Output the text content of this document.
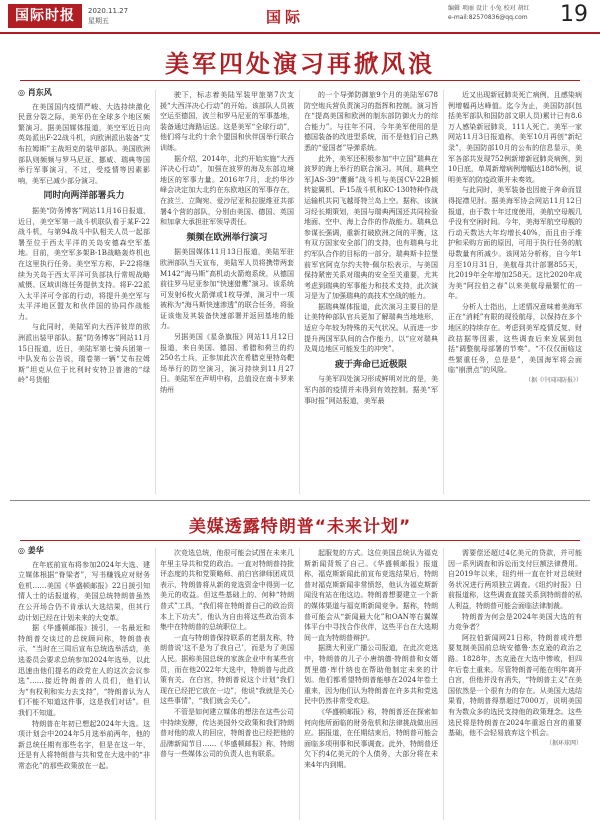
国际时报	2020.11.27
星期五	国际	编辑 项丽 设计 小兔 校对 胡红
e-mail:82570836@qq.com 19
美军四处演习再掀风浪
◎ 肖东风

在美国国内疫情严峻、大选持续激化民意分裂之际，美军仍在全球多个地区频繁演习。据美国媒体报道，美空军近日向英岛派出F-22战斗机，向欧洲派出装备“艾布拉姆斯”主战坦克的装甲部队。美国欧洲部队则频频与罗马尼亚、挪威、瑞典等国举行军事演习，不过，受疫情等因素影响，美军已减少部分演习。

同时向两洋部署兵力

据美“防务博客”网站11月16日报道，近日，美空军第一战斗机联队看于某F-22战斗机，与第94战斗中队相关人员一起部署至位于西太平洋的关岛安德森空军基地。目前，美空军多架B-1B战略轰炸机也在这里执行任务。美空军方称，F-22将继续为关岛于西太平洋可负部执行常规战略威慑、区域训练任务提供支持。将F-22派入太平洋可令部的行动，将提升美空军与太平洋地区盟友和伙伴国的协同作战能力。

与此同时，美陆军向大西洋彼岸的欧洲派出装甲部队。据“防务博客”网站11月15日报道，近日，美陆军第七骑兵团第一中队发布公告说，瑞卷第一辆“艾布拉姆斯”坦克从位于比利时安特卫普港的“绿岭”号货船

驶下，标志着美陆军装甲旅第7次支援“大西洋决心行动”的开始。该部队人员被空运至德国，波兰和罗马尼亚的军事基地，装备通过海路运送。这是美军“全球行动”，他们将与北约十余个盟国和伙伴国举行联合训练。

据介绍，2014年，北约开始实施“大西洋决心行动”，加强在波罗的海及东部边境地区的军事力量。2016年7月，北约华沙峰会决定加大北约在东欧地区的军事存在，在波兰、立陶宛、爱沙尼亚和拉脱维亚共部署4个营的部队，分别由美国、德国、英国和加拿大承担驻军领导责任。

频频在欧洲举行演习

据美国媒体11月13日报道，美陆军驻欧洲部队当天宣布，美陆军人员将携带两套M142“海马斯”高机动火箭炮系统，从德国前往罗马尼亚参加“快速猎鹰”演习。该系统可发射6枚火箭弹或1枚导弹，演习中一项被称为“海马斯快速渗透”的联合任务，将验证该炮及其装备快速部署并返回基地的能力。

另据美国《星条旗报》网站11月12日报道，来自美国、德国、希腊和荷兰的约250名士兵，正参加此次在希腊克里特岛靶场举行的防空演习，演习持续到11月27日。美陆军在声明中称，总值设在南卡罗来纳州

的一个导弹防御旅9个月的美陆军678防空炮兵营负责演习的指挥和控制。演习旨在“提高美国和欧洲的制东部防御火力的综合能力”。与往年不同，今年美军使用的是德国装备的改进型系统，而不是他们自己熟悉的“爱国者”导弹系统。

此外，美军还积极参加“中立国”瑞典在波罗的海上举行的联合演习。其间，瑞典空军JAS-39“鹰狮”战斗机与美国CV-22B倾转旋翼机、F-15战斗机和KC-130特种作战运输机共同飞越哥特兰岛上空。据称，该演习经长期策划，美国与瑞典两国还共同检验地面、空中、海上合作的作战能力。瑞典总参谋长强调，重新打破欧洲之间的平衡，这有双方国家安全部门的支持，也有瑞典与北约军队合作的目标的一部分。瑞典斯卡拉堡前军官阿克尔约夫特·佩尔松表示，与美国保持紧密关系对瑞典的安全至关重要，尤其考虑到瑞典的军事能力和技术支持，此次演习是为了加强瑞典的高技术空战的能力。

据瑞典媒体报道，此次演习主要目的是让美特种部队官兵更加了解瑞典当地地形，适应今年较为特殊的天气状况。从而进一步提升两国军队间的合作能力，以“应对瑞典及周边地区可能发生的冲突”。

疲于奔命已近极限

与美军四处演习形成鲜明对比的是，美军内部的疫情并未得到有效控制。据美“军事时报”网站报道，美军最

近又出现新冠肺炎死亡病例，且感染病例增幅再达峰值。迄今为止，美国防部(包括美军部队和国防部文职人员)累计已有8.6万人感染新冠肺炎，111人死亡。美军一家网站11月3日报道称，美军10月再创“新纪录”，美国防部10月的公布的信息显示，美军各部共发现752例新增新冠肺炎病例，到10日底，单周新增病例增幅达188%例，说明美军的防疫政策并未奏效。

与此同时，美军装备也因疲于奔命而显得捉襟见肘。据美海军协会网站11月12日报道，由于数十年过度使用，美航空母舰几乎没有空闲时间。今年，美海军航空母舰的行动天数达大年均增长40%，而且由于维护和采购方面的原因，可用于执行任务的航母数量有所减少。该网站分析称，自今年1月至10月31日，美航母共计部署855天，比2019年全年增加258天。这比2020年成为美“阿拉伯之春”以来美航母最繁忙的一年。

分析人士指出，上述情况意味着美海军正在“消耗”有限的现役航母，以保持在多个地区的持续存在。考虑到美军疫情反复、财政拮据等因素，这些调查后来发展到包括“调整航母部署的节奏”。“不仅仅面临这些繁重任务，总是是”，美国海军将会面临“崩溃点”的风险。

（据《中国国防报》）
美媒透露特朗普“未来计划”
◎ 姜华

在年底前宣布将参加2024年大选、建立媒体根据“脊梁者”，写书赚钱应对财务危机……美国《华盛顿邮报》22日援引知情人士的话报道称，美国总统特朗普虽然在公开场合仍不肯承认大选结果，但其行动计划已经在计划未来的大变革。

据《华盛顿邮报》援引，一名最近和特朗普交谈过的总统顾问称，特朗普表示，“当时在三周后宣布总统选举活动，美选委员会要求总统参加2024年选举，以此迅速由他们提名的政党在人的这次会议参选”……接近特朗普的人员们，他们认为“有权利和实力去支持”，“特朗普认为人们不能不知道这件事，这是我们对话”。但我们不知道。

特朗普在年初已想起2024年大选。这项计划会中2024年5月选举前两年，他的新总统任期有那些名字，但是在这一年，还是有人将特朗普与共和党在大选中的“非常态化”的那些政策放在一起。

次竞选总统，他很可能会试图在未来几年里主导共和党的政治。一直对特朗普持批评态度的共和党策略师、前白宫律师团成员表示，特朗普将从新的竞选资金中得到一亿美元的收益。但这些基础上的、何种“特朗普式”工具，“我们将在特朗普自己的政治资本上下功夫”，他认为自由将这些政治资本集中在特朗普的总统职位上。

一直与特朗普保持联系的老朋友称，特朗普说‘这不是为了我自己’，而是为了美国人民。据称美国总统的家族企业中有某些官员，而在他2022年大选中，特朗普与此政策有关。在白宫，特朗普说这个计划“我们现在已经把它放在一边”，他说“我就是关心这些事情”，“我们就会关心”。

不管是如何建立媒体的想法在这些公司中持续发酵，传达美国外交政策和我们特朗普对他的敌人的回应，特朗普也已经把他的品牌新闻节目……《华盛顿邮报》称，特朗普与一些媒体公司的负责人也有联系。

起服复的方式。这位美国总统认为福克斯新闻背叛了自己。《华盛顿邮报》报道称，福克斯新闻此前宣布竞选结果后，特朗普对福克斯新闻非常愤怒，他认为福克斯新闻没有站在他这边。特朗普想要建立一个新的媒体渠道与福克斯新闻竞争。据称，特朗普可能会从“新闻最大化”和OAN等右翼媒体平台中寻找合作伙伴，这些平台在大选期间一直为特朗普辩护。

据澳大利亚广播公司报道，在此次竞选中，特朗普的儿子小唐纳德·特朗普和女婿贾里德·库什纳也在帮助他制定未来的计划。他们都希望特朗普能够在2024年卷土重来，因为他们认为特朗普在许多共和党选民中仍然非常受欢迎。

《华盛顿邮报》称，特朗普还在探索如何向他所面临的财务危机和法律挑战做出回应。据报道，在任期结束后，特朗普可能会面临多项刑事和民事调查。此外，特朗普还欠下约4亿美元的个人债务，大部分将在未来4年内到期。

需要偿还超过4亿美元的贷款，并可能因一系列调查和诉讼而支付巨额法律费用。自2019年以来，纽约州一直在针对总统财务状况进行两项独立调查。《纽约时报》日前报道称，这些调查直接关系到特朗普的私人利益，特朗普可能会面临法律制裁。

特朗普为何会是2024年美国大选的有力竞争者？

阿拉伯新闻网21日称，特朗普或许想要复制美国前总统安德鲁·杰克逊的政治之路。1828年，杰克逊在大选中惨败，但四年后卷土重来。尽管特朗普可能在明年离开白宫，但他并没有消失，“特朗普主义”在美国依然是一个很有力的存在。从美国大选结果看，特朗普得票超过7000万，说明美国有为数众多的选民支持他的政策理念。这些选民将是特朗普在2024年重返白宫的重要基础，他不会轻易放弃这个机会。

（据环球网）
